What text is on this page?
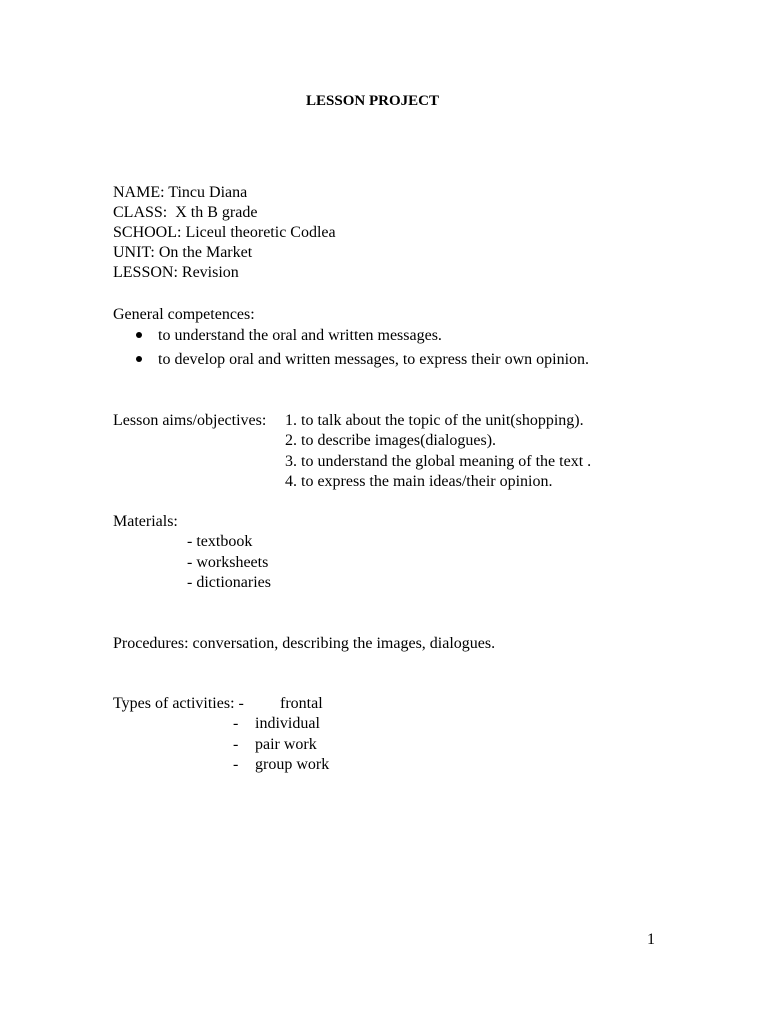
LESSON PROJECT
NAME: Tincu Diana
CLASS:  X th B grade
SCHOOL: Liceul theoretic Codlea
UNIT: On the Market
LESSON: Revision
General competences:
to understand the oral and written messages.
to develop oral and written messages, to express their own opinion.
Lesson aims/objectives: 1. to talk about the topic of the unit(shopping).
2. to describe images(dialogues).
3. to understand the global meaning of the text .
4. to express the main ideas/their opinion.
Materials:
- textbook
- worksheets
- dictionaries
Procedures: conversation, describing the images, dialogues.
Types of activities: - frontal
- individual
- pair work
- group work
1
